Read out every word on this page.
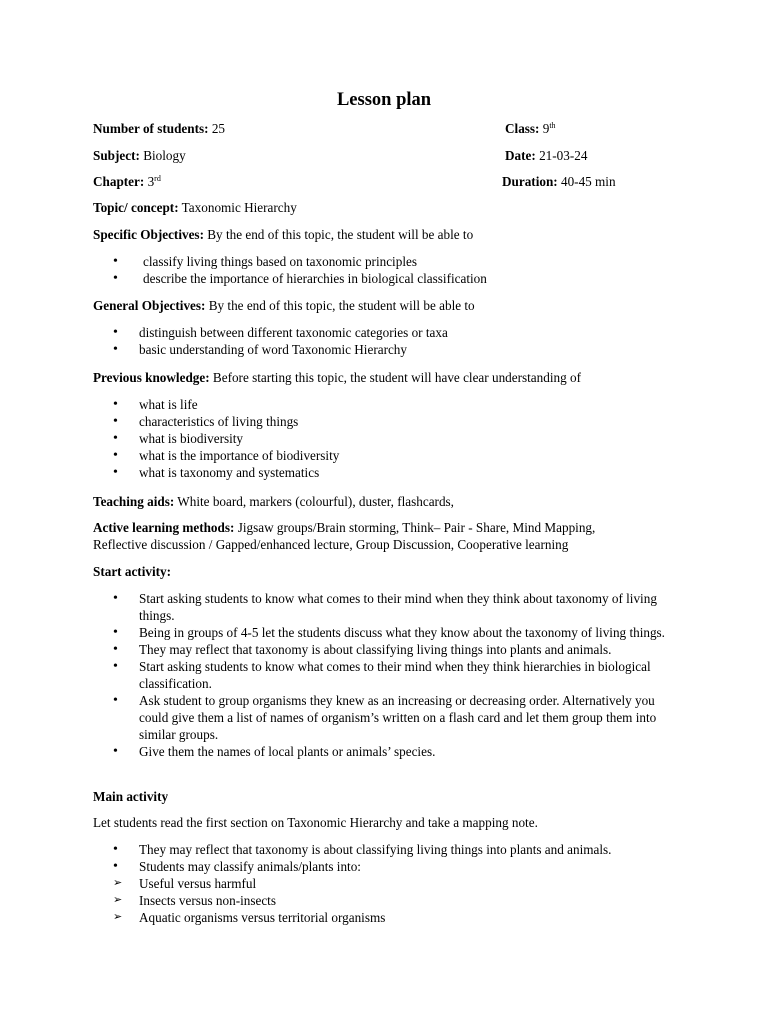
Lesson plan
Number of students: 25	Class: 9th
Subject: Biology	Date: 21-03-24
Chapter: 3rd	Duration: 40-45 min
Topic/ concept: Taxonomic Hierarchy
Specific Objectives: By the end of this topic, the student will be able to
• classify living things based on taxonomic principles
• describe the importance of hierarchies in biological classification
General Objectives: By the end of this topic, the student will be able to
• distinguish between different taxonomic categories or taxa
• basic understanding of word Taxonomic Hierarchy
Previous knowledge: Before starting this topic, the student will have clear understanding of
• what is life
• characteristics of living things
• what is biodiversity
• what is the importance of biodiversity
• what is taxonomy and systematics
Teaching aids: White board, markers (colourful), duster, flashcards,
Active learning methods: Jigsaw groups/Brain storming, Think– Pair - Share, Mind Mapping, Reflective discussion / Gapped/enhanced lecture, Group Discussion, Cooperative learning
Start activity:
• Start asking students to know what comes to their mind when they think about taxonomy of living things.
• Being in groups of 4-5 let the students discuss what they know about the taxonomy of living things.
• They may reflect that taxonomy is about classifying living things into plants and animals.
• Start asking students to know what comes to their mind when they think hierarchies in biological classification.
• Ask student to group organisms they knew as an increasing or decreasing order. Alternatively you could give them a list of names of organism’s written on a flash card and let them group them into similar groups.
• Give them the names of local plants or animals’ species.
Main activity
Let students read the first section on Taxonomic Hierarchy and take a mapping note.
• They may reflect that taxonomy is about classifying living things into plants and animals.
• Students may classify animals/plants into:
➢ Useful versus harmful
➢ Insects versus non-insects
➢ Aquatic organisms versus territorial organisms
